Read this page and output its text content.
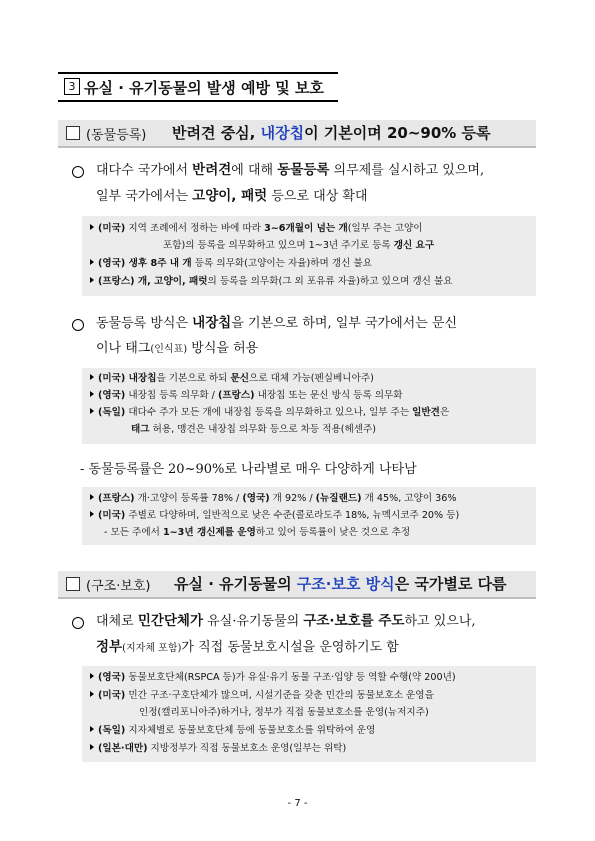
3 유실 · 유기동물의 발생 예방 및 보호
(동물등록) 반려견 중심, 내장칩이 기본이며 20~90% 등록
대다수 국가에서 반려견에 대해 동물등록 의무제를 실시하고 있으며,
일부 국가에서는 고양이, 패럿 등으로 대상 확대
(미국) 지역 조례에서 정하는 바에 따라 3~6개월이 넘는 개(일부 주는 고양이
포함)의 등록을 의무화하고 있으며 1~3년 주기로 등록 갱신 요구
(영국) 생후 8주 내 개 등록 의무화(고양이는 자율)하며 갱신 불요
(프랑스) 개, 고양이, 패럿의 등록을 의무화(그 외 포유류 자율)하고 있으며 갱신 불요
동물등록 방식은 내장칩을 기본으로 하며, 일부 국가에서는 문신
이나 태그(인식표) 방식을 허용
(미국) 내장칩을 기본으로 하되 문신으로 대체 가능(펜실베니아주)
(영국) 내장칩 등록 의무화 / (프랑스) 내장칩 또는 문신 방식 등록 의무화
(독일) 대다수 주가 모든 개에 내장칩 등록을 의무화하고 있으나, 일부 주는 일반견은
태그 허용, 맹견은 내장칩 의무화 등으로 차등 적용(헤센주)
- 동물등록률은 20~90%로 나라별로 매우 다양하게 나타남
(프랑스) 개·고양이 등록률 78% / (영국) 개 92% / (뉴질랜드) 개 45%, 고양이 36%
(미국) 주별로 다양하며, 일반적으로 낮은 수준(콜로라도주 18%, 뉴멕시코주 20% 등)
- 모든 주에서 1~3년 갱신제를 운영하고 있어 등록률이 낮은 것으로 추정
(구조·보호) 유실 · 유기동물의 구조·보호 방식은 국가별로 다름
대체로 민간단체가 유실·유기동물의 구조·보호를 주도하고 있으나,
정부(지자체 포함)가 직접 동물보호시설을 운영하기도 함
(영국) 동물보호단체(RSPCA 등)가 유실·유기 동물 구조·입양 등 역할 수행(약 200년)
(미국) 민간 구조·구호단체가 많으며, 시설기준을 갖춘 민간의 동물보호소 운영을
인정(캘리포니아주)하거나, 정부가 직접 동물보호소를 운영(뉴저지주)
(독일) 지자체별로 동물보호단체 등에 동물보호소를 위탁하여 운영
(일본·대만) 지방정부가 직접 동물보호소 운영(일부는 위탁)
- 7 -
